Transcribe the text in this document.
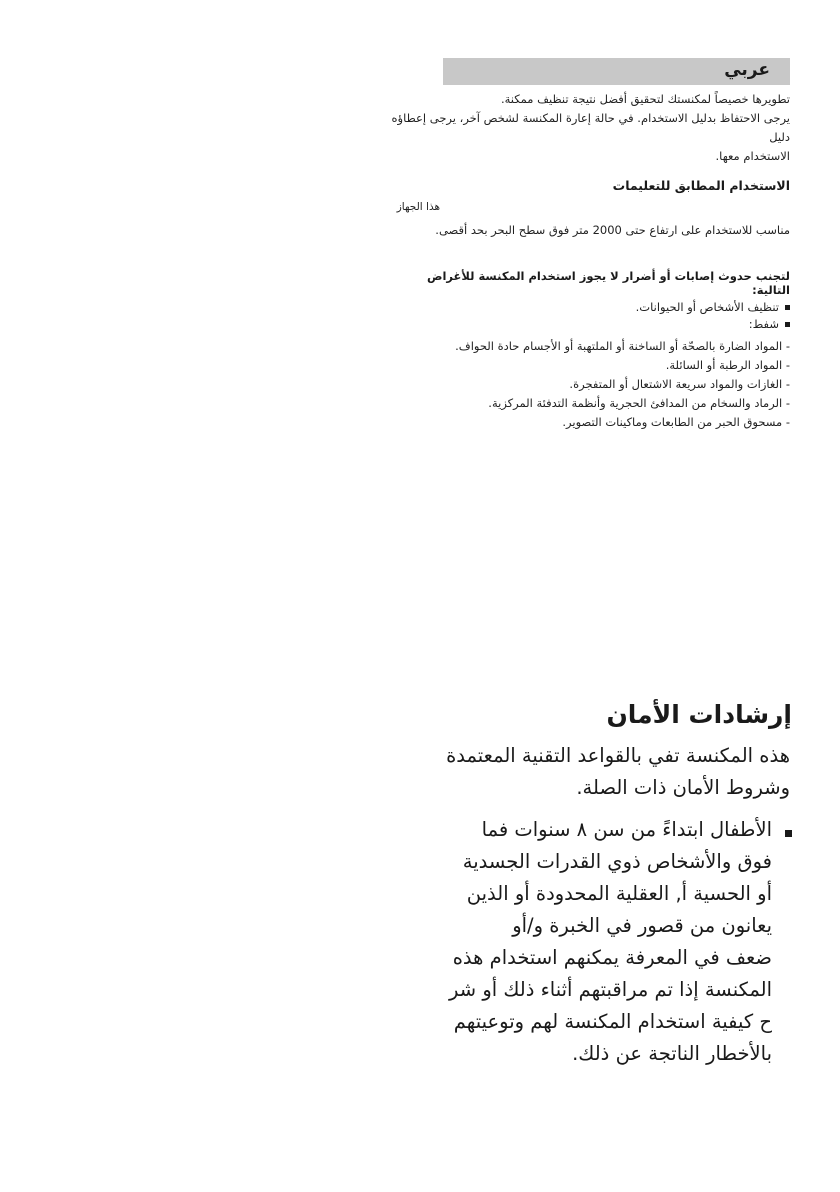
عربي
تطويرها خصيصاً لمكنستك لتحقيق أفضل نتيجة تنظيف ممكنة.
يرجى الاحتفاظ بدليل الاستخدام. في حالة إعارة المكنسة لشخص آخر، يرجى إعطاؤه دليل
الاستخدام معها.
الاستخدام المطابق للتعليمات
هذا الجهاز
مناسب للاستخدام على ارتفاع حتى 2000 متر فوق سطح البحر بحد أقصى.
لتجنب حدوث إصابات أو أضرار لا يجوز استخدام المكنسة للأغراض التالية:
تنظيف الأشخاص أو الحيوانات.
شفط:
- المواد الضارة بالصحّة أو الساخنة أو الملتهبة أو الأجسام حادة الحواف.
- المواد الرطبة أو السائلة.
- الغازات والمواد سريعة الاشتعال أو المتفجرة.
- الرماد والسخام من المدافئ الحجرية وأنظمة التدفئة المركزية.
- مسحوق الحبر من الطابعات وماكينات التصوير.
إرشادات الأمان
هذه المكنسة تفي بالقواعد التقنية المعتمدة
وشروط الأمان ذات الصلة.
الأطفال ابتداءً من سن ٨ سنوات فما
فوق والأشخاص ذوي القدرات الجسدية
أو الحسية أ, العقلية المحدودة أو الذين
يعانون من قصور في الخبرة و/أو
ضعف في المعرفة يمكنهم استخدام هذه
المكنسة إذا تم مراقبتهم أثناء ذلك أو شر
ح كيفية استخدام المكنسة لهم وتوعيتهم
بالأخطار الناتجة عن ذلك.
